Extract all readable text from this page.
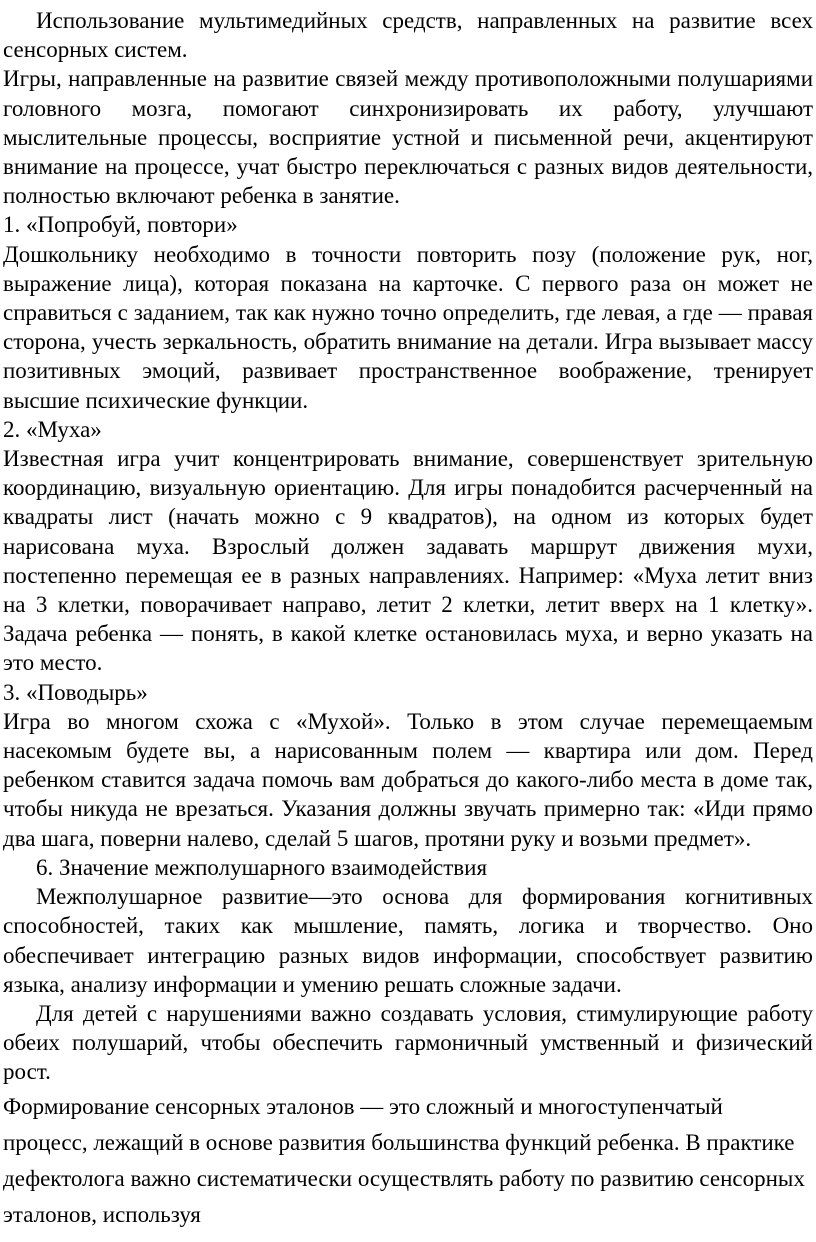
Использование мультимедийных средств, направленных на развитие всех сенсорных систем.

Игры, направленные на развитие связей между противоположными полушариями головного мозга, помогают синхронизировать их работу, улучшают мыслительные процессы, восприятие устной и письменной речи, акцентируют внимание на процессе, учат быстро переключаться с разных видов деятельности, полностью включают ребенка в занятие.

1. «Попробуй, повтори»

Дошкольнику необходимо в точности повторить позу (положение рук, ног, выражение лица), которая показана на карточке. С первого раза он может не справиться с заданием, так как нужно точно определить, где левая, а где — правая сторона, учесть зеркальность, обратить внимание на детали. Игра вызывает массу позитивных эмоций, развивает пространственное воображение, тренирует высшие психические функции.

2. «Муха»

Известная игра учит концентрировать внимание, совершенствует зрительную координацию, визуальную ориентацию. Для игры понадобится расчерченный на квадраты лист (начать можно с 9 квадратов), на одном из которых будет нарисована муха. Взрослый должен задавать маршрут движения мухи, постепенно перемещая ее в разных направлениях. Например: «Муха летит вниз на 3 клетки, поворачивает направо, летит 2 клетки, летит вверх на 1 клетку». Задача ребенка — понять, в какой клетке остановилась муха, и верно указать на это место.

3. «Поводырь»

Игра во многом схожа с «Мухой». Только в этом случае перемещаемым насекомым будете вы, а нарисованным полем — квартира или дом. Перед ребенком ставится задача помочь вам добраться до какого-либо места в доме так, чтобы никуда не врезаться. Указания должны звучать примерно так: «Иди прямо два шага, поверни налево, сделай 5 шагов, протяни руку и возьми предмет».

6. Значение межполушарного взаимодействия

Межполушарное развитие—это основа для формирования когнитивных способностей, таких как мышление, память, логика и творчество. Оно обеспечивает интеграцию разных видов информации, способствует развитию языка, анализу информации и умению решать сложные задачи.

Для детей с нарушениями важно создавать условия, стимулирующие работу обеих полушарий, чтобы обеспечить гармоничный умственный и физический рост.

Формирование сенсорных эталонов — это сложный и многоступенчатый процесс, лежащий в основе развития большинства функций ребенка. В практике дефектолога важно систематически осуществлять работу по развитию сенсорных эталонов, используя
